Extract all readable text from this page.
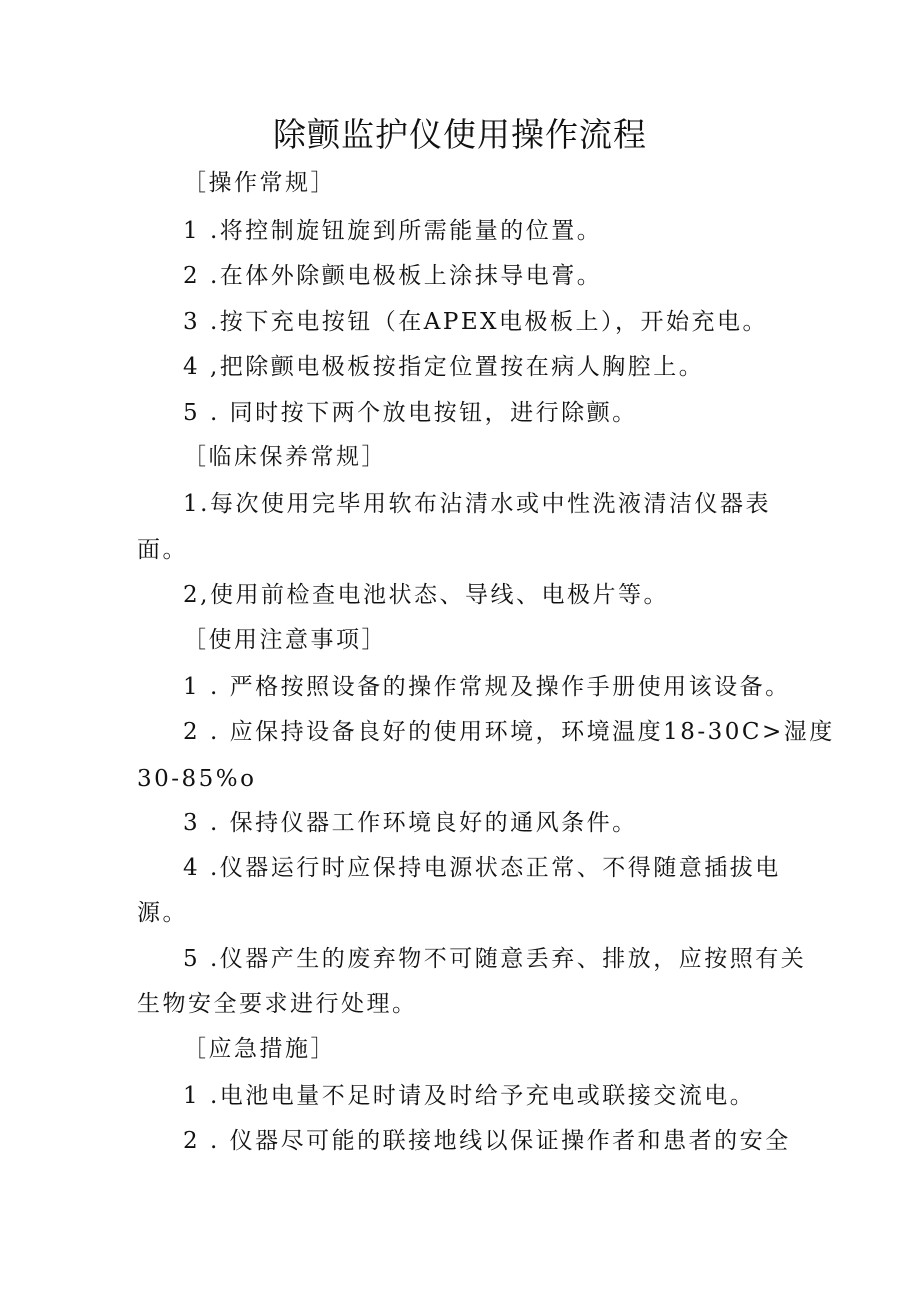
除颤监护仪使用操作流程

［操作常规］

1 .将控制旋钮旋到所需能量的位置。

2 .在体外除颤电极板上涂抹导电膏。

3 .按下充电按钮（在APEX电极板上），开始充电。

4 ,把除颤电极板按指定位置按在病人胸腔上。

5 . 同时按下两个放电按钮，进行除颤。

［临床保养常规］

1.每次使用完毕用软布沾清水或中性洗液清洁仪器表

面。

2,使用前检查电池状态、导线、电极片等。

［使用注意事项］

1 . 严格按照设备的操作常规及操作手册使用该设备。

2 . 应保持设备良好的使用环境，环境温度18-30C>湿度

30-85%o

3 . 保持仪器工作环境良好的通风条件。

4 .仪器运行时应保持电源状态正常、不得随意插拔电

源。

5 .仪器产生的废弃物不可随意丢弃、排放，应按照有关

生物安全要求进行处理。

［应急措施］

1 .电池电量不足时请及时给予充电或联接交流电。

2 . 仪器尽可能的联接地线以保证操作者和患者的安全
